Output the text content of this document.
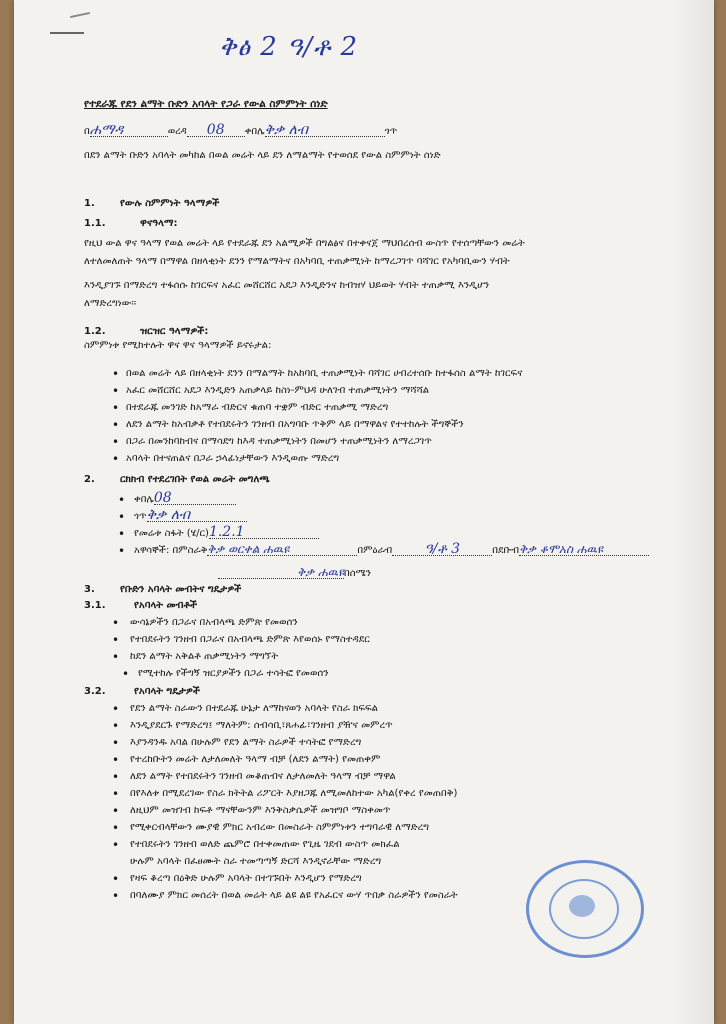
ቅፅ 2 ዓ/ቶ 2
የተደራጁ የደን ልማት ቡድን አባላት የጋራ የውል ስምምነት ሰነድ
በሐማዳ	ወረዳ 08 ቀበሌቅቃ ለብ	ጎጥ
በደን ልማት ቡድን አባላት መካከል በወል መሬት ላይ ደን ለማልማት የተወሰደ የውል ስምምነት ሰነድ
1.	የውሉ ስምምነት ዓላማዎች
1.1.	ዋናዓላማ:
የዚህ ውል ዋና ዓላማ የወል መሬት ላይ የተደራጁ ደን አልሚዎች በግልፅና በተቀናጀ ማህበረሰብ ውስጥ የተሰጣቸውን መሬት
ለተለመለጠት ዓላማ በማዋል በዘላቂነት ደንን የማልማትና በአካባቢ ተጠቃሚነት ከማረጋገጥ ባሻገር የአካባቢውን ሃብት
እንዲያገኙ በማድረግ ተፋሰሱ ከገርፍና አፈር መሸርሸር አደጋ እንዲድንና ከብዝሃ ህይወት ሃብት ተጠቃሚ እንዲሆን
ለማድረግነው፡፡
1.2.	ዝርዝር ዓላማዎች:
ስምምነቱ የሚከተሉት ዋና ዋና ዓላማዎች ይኖሩታል:
• በወል መሬት ላይ በዘላቂነት ደንን በማልማት ከአከባቢ ተጠቃሚነት ባሻገር ሀብረተሰቡ ከተፋሰስ ልማት ከገርፍና
• አፈር መሸርሸር አደጋ እንዲድን አጠቃላይ ከስነ-ምህዳ ሁለገብ ተጠቃሚነትን ማሻሻል
• በተደራጁ መንገድ ከአማራ ብድርና ቁጠባ ተቋም ብድር ተጠቃሚ ማድረግ
• ለደን ልማት ከአብቃቶ የተበደሩትን ገንዘብ በአግባቡ ጥቅም ላይ በማዋልና የተተከሉት ችግኞችን
• በጋራ በመንከባከብና በማሳደግ ከእዳ ተጠቃሚነትን በመሆን ተጠቃሚነትን ለማረጋገጥ
• አባላት በተናጠልና በጋራ ኃላፊነታቸውን እንዲወጡ ማድረግ
2.	ርክክብ የተደረገበት የወል መሬት መግለጫ
• ቀበሌ08
• ጎጥቅቃ ለብ
• የመሬቱ ስፋት (ሄ/ር)1.2.1
• አዋሳኞች: በምስራቅቅቃ ወርቀል ሐዉዩ	በምዕራብ ዓ/ቶ 3	በደቡብቅቃ ቆሞአስ ሐዉዩ
ቅቃ ሐዉዩበሰሜን
3.	የቡድን አባላት መብትና ግዴታዎች
3.1.	የአባላት መብቶች
• ውሳኔዎችን በጋራና በአብላጫ ድምጽ የመወሰን
• የተበደሩትን ገንዘብ በጋራና በአብላጫ ድምጽ እየወሰኑ የማስተዳደር
• ከደን ልማት አቅልቶ ጠቃሚነትን ማግኘት
• የሚተከሉ የችግኝ ዝርያዎችን በጋራ ተሳትፎ የመወሰን
3.2.	የአባላት ግዴታዎች
• የደን ልማት ስራውን በተደራጁ ሁኔታ ለማከናወን አባላት የስራ ክፍፍል
• እንዲያደርጉ የማድረግ፤ ማለትም: ሰብሳቢ፣ጸሐፊ፣ገንዘብ ያዥና መምረጥ
• እያንዳንዱ አባል በሁሉም የደን ልማት ስራዎች ተሳትፎ የማድረግ
• የተረከቡትን መሬት ለታለመለት ዓላማ ብቻ (ለደን ልማት) የመጠቀም
• ለደን ልማት የተበደሩትን ገንዘብ መቆጠብና ለታለመለት ዓላማ ብቻ ማዋል
• በየእለቱ በሚደረገው የስራ ክትትል ሪፖርት እያዘጋጁ ለሚመለከተው አካል(የቀረ የመጠበቅ)
• ለዚህም መዝገብ ከፍቶ ማናቸውንም እንቅስቃሴዎች መዝግቦ ማስቀመጥ
• የሚቀርብላቸውን ሙያዊ ምክር አብረው በመስራት ስምምነቱን ተግባራዊ ለማድረግ
• የተበደሩትን ገንዘብ ወለድ ጨምሮ በተቀመጠው የጊዜ ገደብ ውስጥ መክፈል
ሁሉም አባላት በፈፀሙት ስራ ተመጣጣኝ ድርሻ እንዲኖራቸው ማድረግ
• የዛፍ ቆረጣ በዕቅድ ሁሉም አባላት በተገኙበት እንዲሆን የማድረግ
• በባለሙያ ምክር መሰረት በወል መሬት ላይ ልዩ ልዩ የአፈርና ውሃ ጥበቃ ስራዎችን የመስራት
